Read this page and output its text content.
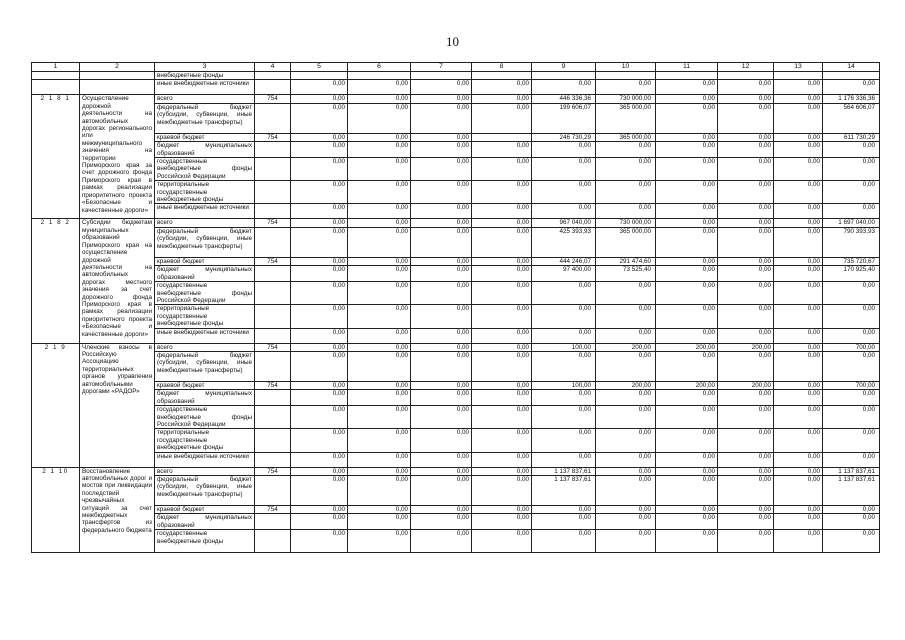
10
1	2	3	4	5	6	7	8	9	10	11	12	13	14
		внебюджетные фонды											
		иные внебюджетные источники		0,00	0,00	0,00	0,00	0,00	0,00	0,00	0,00	0,00	0,00
2 1 8 1	Осуществление дорожной деятельности на автомобильных дорогах регионального или межмуниципального значения на территории Приморского края за счет дорожного фонда Приморского края в рамках реализации приоритетного проекта «Безопасные и качественные дороги»	всего	754	0,00	0,00	0,00	0,00	446 336,36	730 000,00	0,00	0,00	0,00	1 176 336,36
		федеральный бюджет (субсидии, субвенции, иные межбюджетные трансферты)		0,00	0,00	0,00	0,00	199 606,07	365 000,00	0,00	0,00	0,00	564 606,07
		краевой бюджет	754	0,00	0,00	0,00		246 730,29	365 000,00	0,00	0,00	0,00	611 730,29
		бюджет муниципальных образований		0,00	0,00	0,00	0,00	0,00	0,00	0,00	0,00	0,00	0,00
		государственные внебюджетные фонды Российской Федерации		0,00	0,00	0,00	0,00	0,00	0,00	0,00	0,00	0,00	0,00
		территориальные государственные внебюджетные фонды		0,00	0,00	0,00	0,00	0,00	0,00	0,00	0,00	0,00	0,00
		иные внебюджетные источники		0,00	0,00	0,00	0,00	0,00	0,00	0,00	0,00	0,00	0,00
2 1 8 2	Субсидии бюджетам муниципальных образований Приморского края на осуществление дорожной деятельности на автомобильных дорогах местного значения за счет дорожного фонда Приморского края в рамках реализации приоритетного проекта «Безопасные и качественные дороги»	всего	754	0,00	0,00	0,00	0,00	967 040,00	730 000,00	0,00	0,00	0,00	1 697 040,00
		федеральный бюджет (субсидии, субвенции, иные межбюджетные трансферты)		0,00	0,00	0,00	0,00	425 393,93	365 000,00	0,00	0,00	0,00	790 393,93
		краевой бюджет	754	0,00	0,00	0,00	0,00	444 246,07	291 474,60	0,00	0,00	0,00	735 720,67
		бюджет муниципальных образований		0,00	0,00	0,00	0,00	97 400,00	73 525,40	0,00	0,00	0,00	170 925,40
		государственные внебюджетные фонды Российской Федерации		0,00	0,00	0,00	0,00	0,00	0,00	0,00	0,00	0,00	0,00
		территориальные государственные внебюджетные фонды		0,00	0,00	0,00	0,00	0,00	0,00	0,00	0,00	0,00	0,00
		иные внебюджетные источники		0,00	0,00	0,00	0,00	0,00	0,00	0,00	0,00	0,00	0,00
2 1 9	Членские взносы в Российскую Ассоциацию территориальных органов управления автомобильными дорогами «РАДОР»	всего	754	0,00	0,00	0,00	0,00	100,00	200,00	200,00	200,00	0,00	700,00
		федеральный бюджет (субсидии, субвенции, иные межбюджетные трансферты)		0,00	0,00	0,00	0,00	0,00	0,00	0,00	0,00	0,00	0,00
		краевой бюджет	754	0,00	0,00	0,00	0,00	100,00	200,00	200,00	200,00	0,00	700,00
		бюджет муниципальных образований		0,00	0,00	0,00	0,00	0,00	0,00	0,00	0,00	0,00	0,00
		государственные внебюджетные фонды Российской Федерации		0,00	0,00	0,00	0,00	0,00	0,00	0,00	0,00	0,00	0,00
		территориальные государственные внебюджетные фонды		0,00	0,00	0,00	0,00	0,00	0,00	0,00	0,00	0,00	0,00
		иные внебюджетные источники		0,00	0,00	0,00	0,00	0,00	0,00	0,00	0,00	0,00	0,00
2 1 10	Восстановление автомобильных дорог и мостов при ликвидации последствий чрезвычайных ситуаций за счет межбюджетных трансфертов из федерального бюджета	всего	754	0,00	0,00	0,00	0,00	1 137 837,61	0,00	0,00	0,00	0,00	1 137 837,61
		федеральный бюджет (субсидии, субвенции, иные межбюджетные трансферты)		0,00	0,00	0,00	0,00	1 137 837,61	0,00	0,00	0,00	0,00	1 137 837,61
		краевой бюджет	754	0,00	0,00	0,00	0,00	0,00	0,00	0,00	0,00	0,00	0,00
		бюджет муниципальных образований		0,00	0,00	0,00	0,00	0,00	0,00	0,00	0,00	0,00	0,00
		государственные внебюджетные фонды		0,00	0,00	0,00	0,00	0,00	0,00	0,00	0,00	0,00	0,00
